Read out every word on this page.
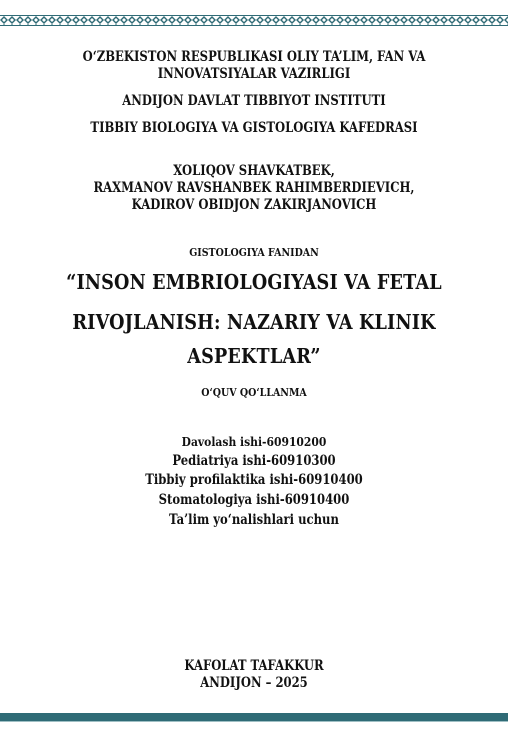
O‘ZBEKISTON RESPUBLIKASI OLIY TA’LIM, FAN VA
INNOVATSIYALAR VAZIRLIGI
ANDIJON DAVLAT TIBBIYOT INSTITUTI
TIBBIY BIOLOGIYA VA GISTOLOGIYA KAFEDRASI
XOLIQOV SHAVKATBEK,
RAXMANOV RAVSHANBEK RAHIMBERDIEVICH,
KADIROV OBIDJON ZAKIRJANOVICH
GISTOLOGIYA FANIDAN
“INSON EMBRIOLOGIYASI VA FETAL
RIVOJLANISH: NAZARIY VA KLINIK
ASPEKTLAR”
O‘QUV QO‘LLANMA
Davolash ishi-60910200
Pediatriya ishi-60910300
Tibbiy profilaktika ishi-60910400
Stomatologiya ishi-60910400
Ta’lim yo‘nalishlari uchun
KAFOLAT TAFAKKUR
ANDIJON – 2025
